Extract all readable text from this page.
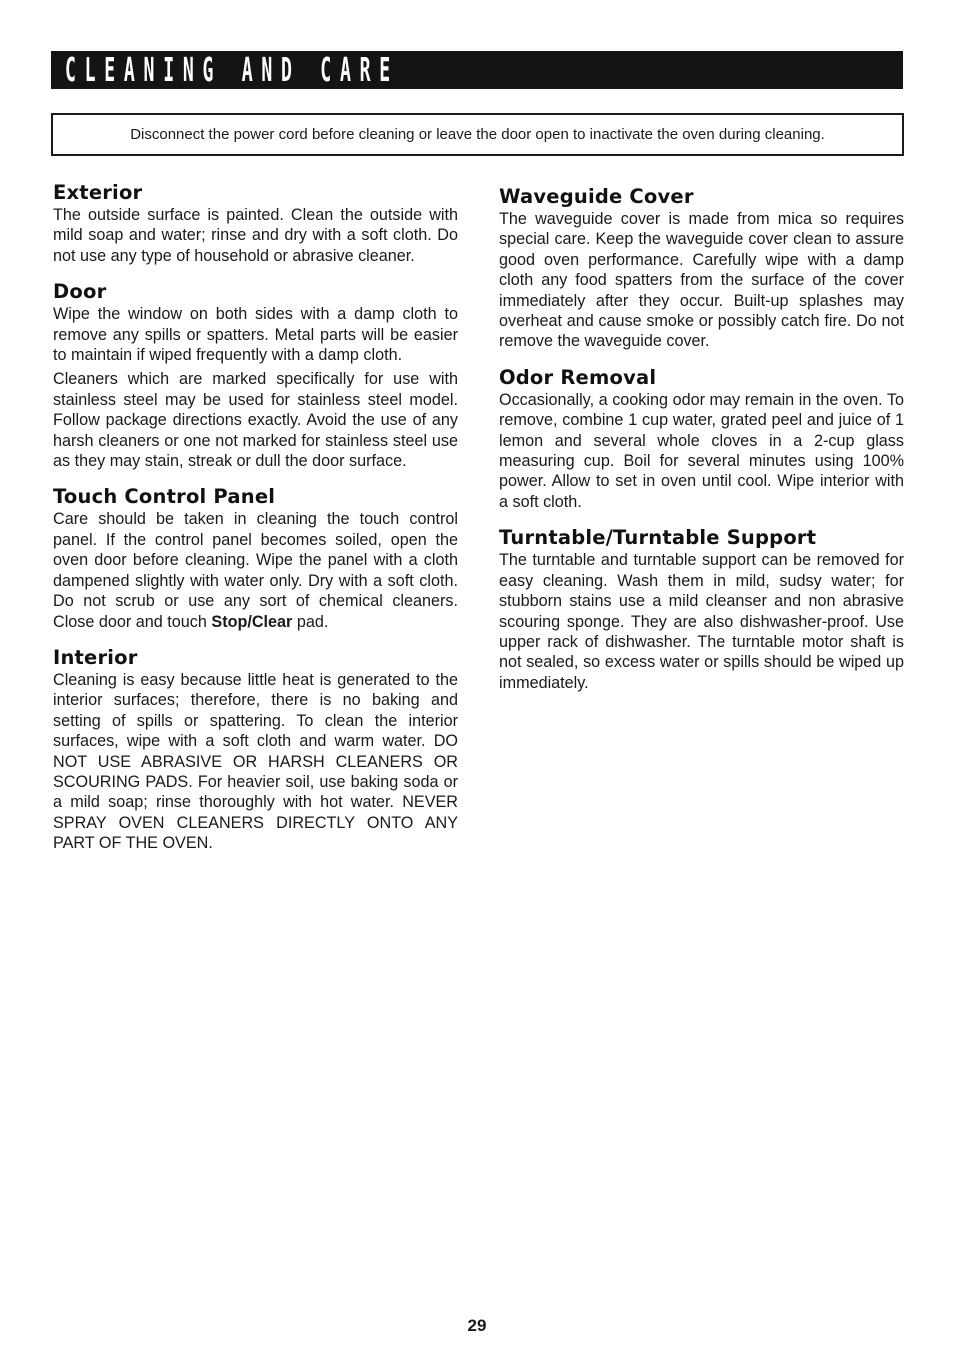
CLEANING AND CARE
Disconnect the power cord before cleaning or leave the door open to inactivate the oven during cleaning.
Exterior

The outside surface is painted. Clean the outside with mild soap and water; rinse and dry with a soft cloth. Do not use any type of household or abrasive cleaner.

Door

Wipe the window on both sides with a damp cloth to remove any spills or spatters. Metal parts will be easier to maintain if wiped frequently with a damp cloth.

Cleaners which are marked specifically for use with stainless steel may be used for stainless steel model. Follow package directions exactly. Avoid the use of any harsh cleaners or one not marked for stainless steel use as they may stain, streak or dull the door surface.

Touch Control Panel

Care should be taken in cleaning the touch control panel. If the control panel becomes soiled, open the oven door before cleaning. Wipe the panel with a cloth dampened slightly with water only. Dry with a soft cloth. Do not scrub or use any sort of chemical cleaners. Close door and touch Stop/Clear pad.

Interior

Cleaning is easy because little heat is generated to the interior surfaces; therefore, there is no baking and setting of spills or spattering. To clean the interior surfaces, wipe with a soft cloth and warm water. DO NOT USE ABRASIVE OR HARSH CLEANERS OR SCOURING PADS. For heavier soil, use baking soda or a mild soap; rinse thoroughly with hot water. NEVER SPRAY OVEN CLEANERS DIRECTLY ONTO ANY PART OF THE OVEN.

Waveguide Cover

The waveguide cover is made from mica so requires special care. Keep the waveguide cover clean to assure good oven performance. Carefully wipe with a damp cloth any food spatters from the surface of the cover immediately after they occur. Built-up splashes may overheat and cause smoke or possibly catch fire. Do not remove the waveguide cover.

Odor Removal

Occasionally, a cooking odor may remain in the oven. To remove, combine 1 cup water, grated peel and juice of 1 lemon and several whole cloves in a 2-cup glass measuring cup. Boil for several minutes using 100% power. Allow to set in oven until cool. Wipe interior with a soft cloth.

Turntable/Turntable Support

The turntable and turntable support can be removed for easy cleaning. Wash them in mild, sudsy water; for stubborn stains use a mild cleanser and non abrasive scouring sponge. They are also dishwasher-proof. Use upper rack of dishwasher. The turntable motor shaft is not sealed, so excess water or spills should be wiped up immediately.

29
